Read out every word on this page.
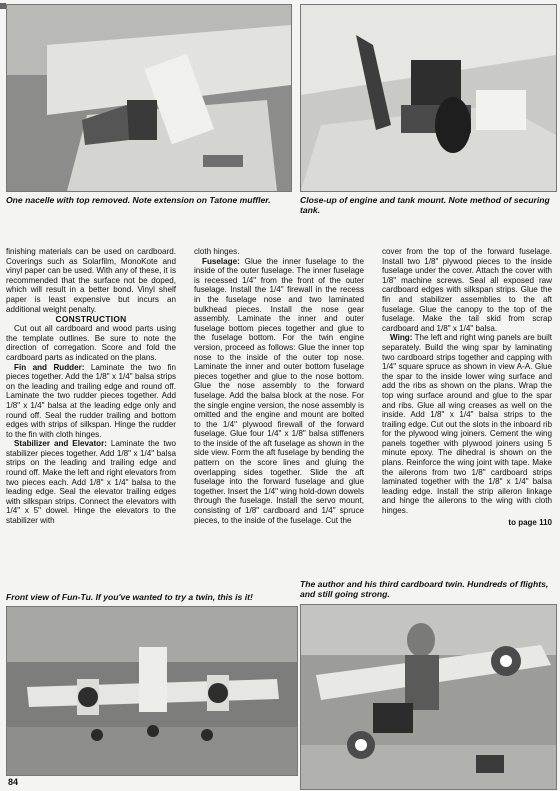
One nacelle with top removed. Note extension on Tatone muffler.	Close-up of engine and tank mount. Note method of securing tank.

finishing materials can be used on cardboard. Coverings such as Solarfilm, MonoKote and vinyl paper can be used. With any of these, it is recommended that the surface not be doped, which will result in a better bond. Vinyl shelf paper is least expensive but incurs an additional weight penalty.

CONSTRUCTION

Cut out all cardboard and wood parts using the template outlines. Be sure to note the direction of corregation. Score and fold the cardboard parts as indicated on the plans.

Fin and Rudder: Laminate the two fin pieces together. Add the 1/8" x 1/4" balsa strips on the leading and trailing edge and round off. Laminate the two rudder pieces together. Add 1/8" x 1/4" balsa at the leading edge only and round off. Seal the rudder trailing and bottom edges with strips of silkspan. Hinge the rudder to the fin with cloth hinges.

Stabilizer and Elevator: Laminate the two stabilizer pieces together. Add 1/8" x 1/4" balsa strips on the leading and trailing edge and round off. Make the left and right elevators from two pieces each. Add 1/8" x 1/4" balsa to the leading edge. Seal the elevator trailing edges with silkspan strips. Connect the elevators with 1/4" x 5" dowel. Hinge the elevators to the stabilizer with

cloth hinges.

Fuselage: Glue the inner fuselage to the inside of the outer fuselage. The inner fuselage is recessed 1/4" from the front of the outer fuselage. Install the 1/4" firewall in the recess in the fuselage nose and two laminated bulkhead pieces. Install the nose gear assembly. Laminate the inner and outer fuselage bottom pieces together and glue to the fuselage bottom. For the twin engine version, proceed as follows: Glue the inner top nose to the inside of the outer top nose. Laminate the inner and outer bottom fuselage pieces together and glue to the nose bottom. Glue the nose assembly to the forward fuselage. Add the balsa block at the nose. For the single engine version, the nose assembly is omitted and the engine and mount are bolted to the 1/4" plywood firewall of the forward fuselage. Glue four 1/4" x 1/8" balsa stiffeners to the inside of the aft fuselage as shown in the side view. Form the aft fuselage by bending the pattern on the score lines and gluing the overlapping sides together. Slide the aft fuselage into the forward fuselage and glue together. Insert the 1/4" wing hold-down dowels through the fuselage. Install the servo mount, consisting of 1/8" cardboard and 1/4" spruce pieces, to the inside of the fuselage. Cut the

cover from the top of the forward fuselage. Install two 1/8" plywood pieces to the inside fuselage under the cover. Attach the cover with 1/8" machine screws. Seal all exposed raw cardboard edges with silkspan strips. Glue the fin and stabilizer assemblies to the aft fuselage. Glue the canopy to the top of the fuselage. Make the tail skid from scrap cardboard and 1/8" x 1/4" balsa.

Wing: The left and right wing panels are built separately. Build the wing spar by laminating two cardboard strips together and capping with 1/4" square spruce as shown in view A-A. Glue the spar to the inside lower wing surface and add the ribs as shown on the plans. Wrap the top wing surface around and glue to the spar and ribs. Glue all wing creases as well on the inside. Add 1/8" x 1/4" balsa strips to the trailing edge. Cut out the slots in the inboard rib for the plywood wing joiners. Cement the wing panels together with plywood joiners using 5 minute epoxy. The dihedral is shown on the plans. Reinforce the wing joint with tape. Make the ailerons from two 1/8" cardboard strips laminated together with the 1/8" x 1/4" balsa leading edge. Install the strip aileron linkage and hinge the ailerons to the wing with cloth hinges.

to page 110

Front view of Fun-Tu. If you've wanted to try a twin, this is it!

The author and his third cardboard twin. Hundreds of flights, and still going strong.

84
